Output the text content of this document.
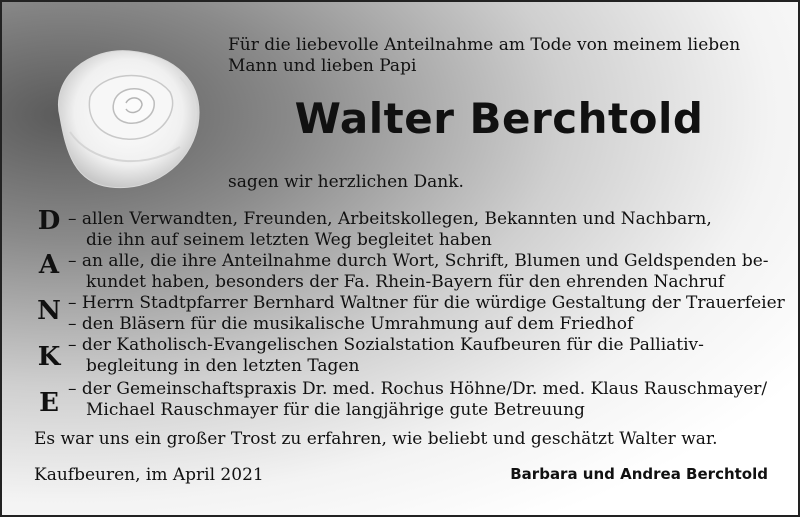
Für die liebevolle Anteilnahme am Tode von meinem lieben
Mann und lieben Papi
Walter Berchtold
sagen wir herzlichen Dank.
D
A
N
K
E
– allen Verwandten, Freunden, Arbeitskollegen, Bekannten und Nachbarn,
die ihn auf seinem letzten Weg begleitet haben
– an alle, die ihre Anteilnahme durch Wort, Schrift, Blumen und Geldspenden be-
kundet haben, besonders der Fa. Rhein-Bayern für den ehrenden Nachruf
– Herrn Stadtpfarrer Bernhard Waltner für die würdige Gestaltung der Trauerfeier
– den Bläsern für die musikalische Umrahmung auf dem Friedhof
– der Katholisch-Evangelischen Sozialstation Kaufbeuren für die Palliativ-
begleitung in den letzten Tagen
– der Gemeinschaftspraxis Dr. med. Rochus Höhne/Dr. med. Klaus Rauschmayer/
Michael Rauschmayer für die langjährige gute Betreuung
Es war uns ein großer Trost zu erfahren, wie beliebt und geschätzt Walter war.
Kaufbeuren, im April 2021	Barbara und Andrea Berchtold
